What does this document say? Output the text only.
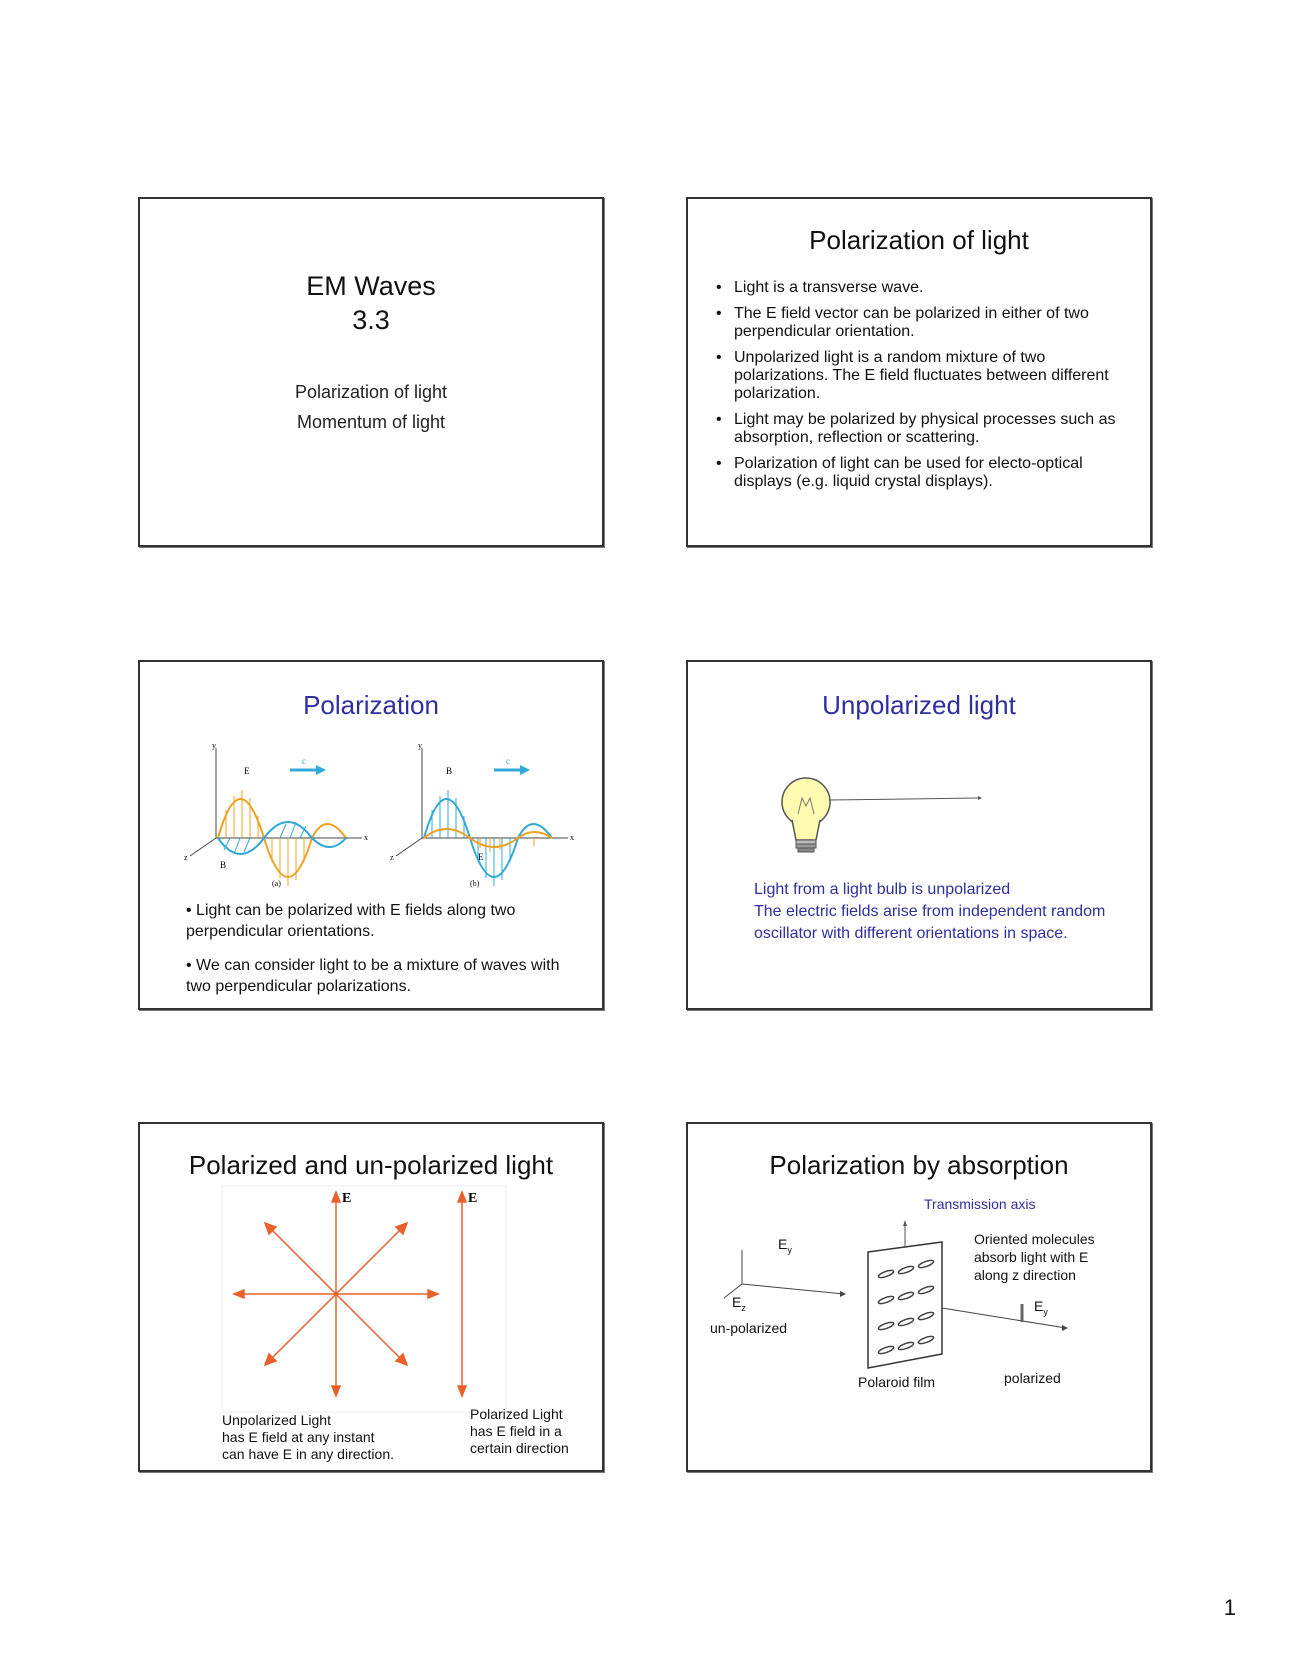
EM Waves
3.3
Polarization of light
Momentum of light
Polarization of light
• Light is a transverse wave.
• The E field vector can be polarized in either of two perpendicular orientation.
• Unpolarized light is a random mixture of two polarizations. The E field fluctuates between different polarization.
• Light may be polarized by physical processes such as absorption, reflection or scattering.
• Polarization of light can be used for electo-optical displays (e.g. liquid crystal displays).
Polarization
E
B
c
y
x
z
(a)
B
E
c
y
x
z
(b)
• Light can be polarized with E fields along two perpendicular orientations.
• We can consider light to be a mixture of waves with two perpendicular polarizations.
Unpolarized light
Light from a light bulb is unpolarized
The electric fields arise from independent random oscillator with different orientations in space.
Polarized and un-polarized light
E	E
Unpolarized Light
has E field at any instant
can have E in any direction.
Polarized Light
has E field in a
certain direction
Polarization by absorption
Transmission axis
Oriented molecules
absorb light with E
along z direction
$E_y$
$E_z$	$E_y$
un-polarized
Polaroid film	polarized
1
